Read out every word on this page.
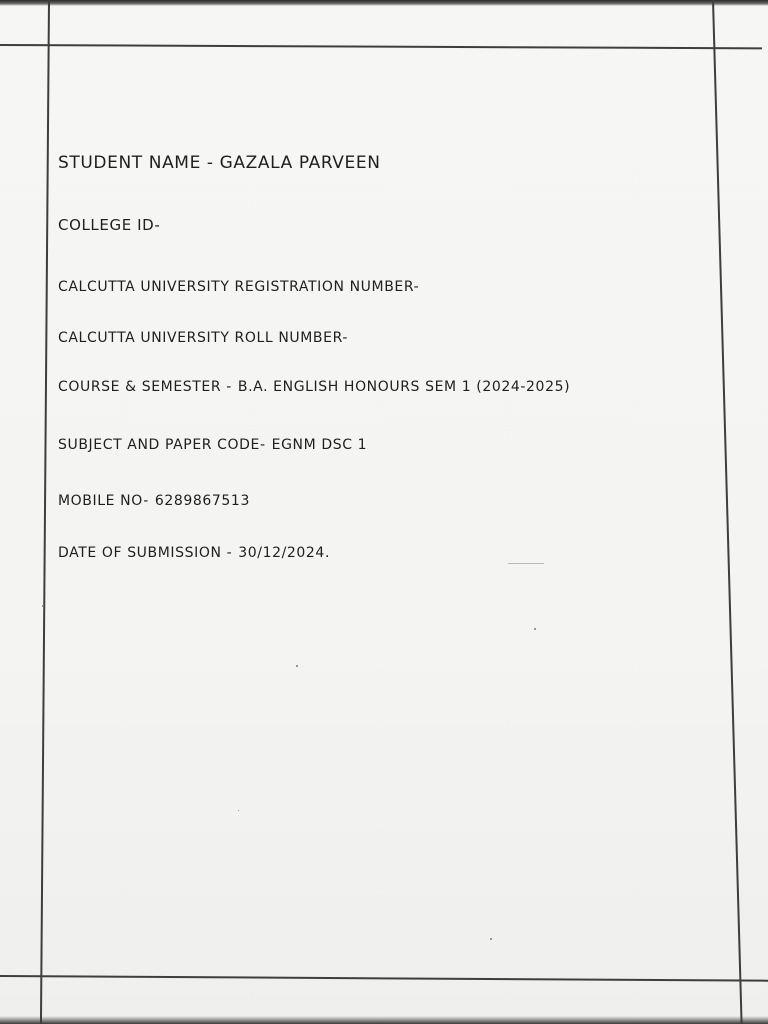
STUDENT NAME - GAZALA PARVEEN

COLLEGE ID-

CALCUTTA UNIVERSITY REGISTRATION NUMBER-

CALCUTTA UNIVERSITY ROLL NUMBER-

COURSE & SEMESTER - B.A. ENGLISH HONOURS SEM 1 (2024-2025)

SUBJECT AND PAPER CODE- EGNM DSC 1

MOBILE NO- 6289867513

DATE OF SUBMISSION - 30/12/2024.
